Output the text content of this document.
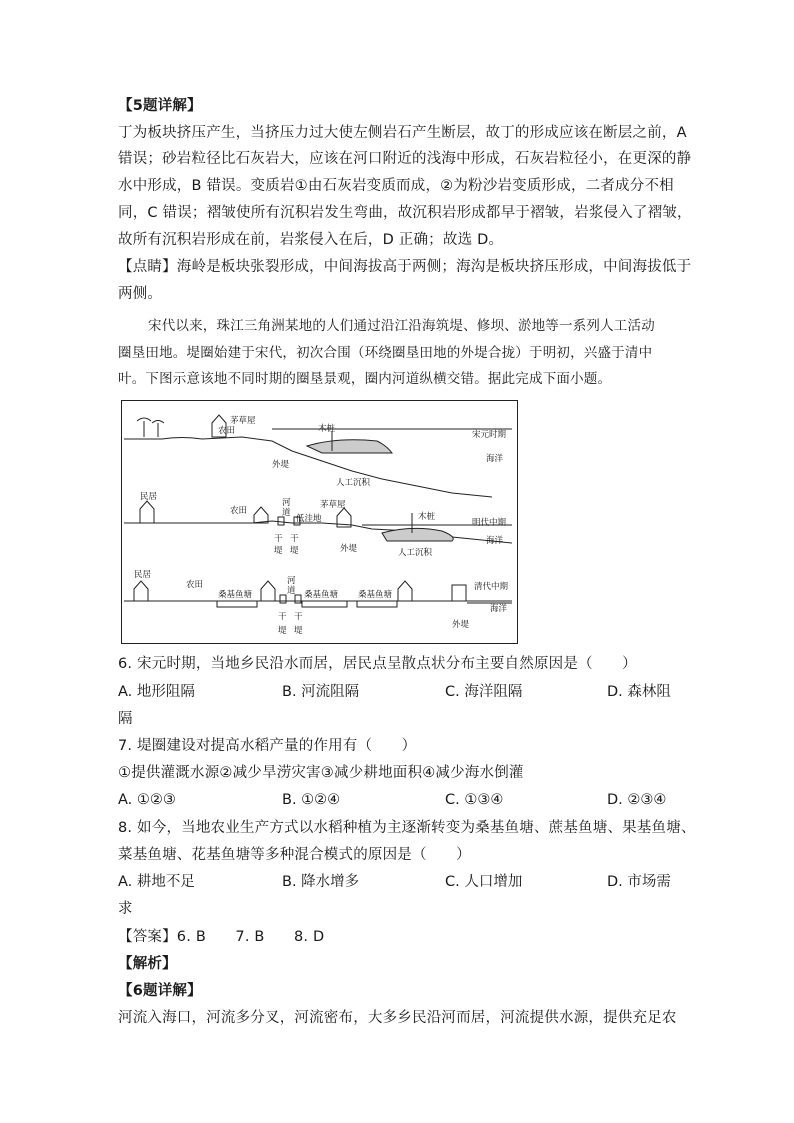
【5题详解】
丁为板块挤压产生，当挤压力过大使左侧岩石产生断层，故丁的形成应该在断层之前，A
错误；砂岩粒径比石灰岩大，应该在河口附近的浅海中形成，石灰岩粒径小，在更深的静
水中形成，B 错误。变质岩①由石灰岩变质而成，②为粉沙岩变质形成，二者成分不相
同，C 错误；褶皱使所有沉积岩发生弯曲，故沉积岩形成都早于褶皱，岩浆侵入了褶皱，
故所有沉积岩形成在前，岩浆侵入在后，D 正确；故选 D。
【点睛】海岭是板块张裂形成，中间海拔高于两侧；海沟是板块挤压形成，中间海拔低于
两侧。
宋代以来，珠江三角洲某地的人们通过沿江沿海筑堤、修坝、淤地等一系列人工活动
圈垦田地。堤圈始建于宋代，初次合围（环绕圈垦田地的外堤合拢）于明初，兴盛于清中
叶。下图示意该地不同时期的圈垦景观，圈内河道纵横交错。据此完成下面小题。
6. 宋元时期，当地乡民沿水而居，居民点呈散点状分布主要自然原因是（　　）
A. 地形阻隔	B. 河流阻隔	C. 海洋阻隔	D. 森林阻
隔
7. 堤圈建设对提高水稻产量的作用有（　　）
①提供灌溉水源②减少旱涝灾害③减少耕地面积④减少海水倒灌
A. ①②③	B. ①②④	C. ①③④	D. ②③④
8. 如今，当地农业生产方式以水稻种植为主逐渐转变为桑基鱼塘、蔗基鱼塘、果基鱼塘、
菜基鱼塘、花基鱼塘等多种混合模式的原因是（　　）
A. 耕地不足	B. 降水增多	C. 人口增加	D. 市场需
求
【答案】6. B　　7. B　　8. D
【解析】
【6题详解】
河流入海口，河流多分叉，河流密布，大多乡民沿河而居，河流提供水源，提供充足农
茅草屋
农田	木桩
宋元时期
海洋
外堤
人工沉积
民居
农田
河
道
干
堤
干
堤
低洼地
茅草屋
木桩
明代中期
海洋
外堤	人工沉积
民居
农田
桑基鱼塘
河
道 桑基鱼塘 桑基鱼塘
干
堤
干
堤
清代中期
海洋
外堤
